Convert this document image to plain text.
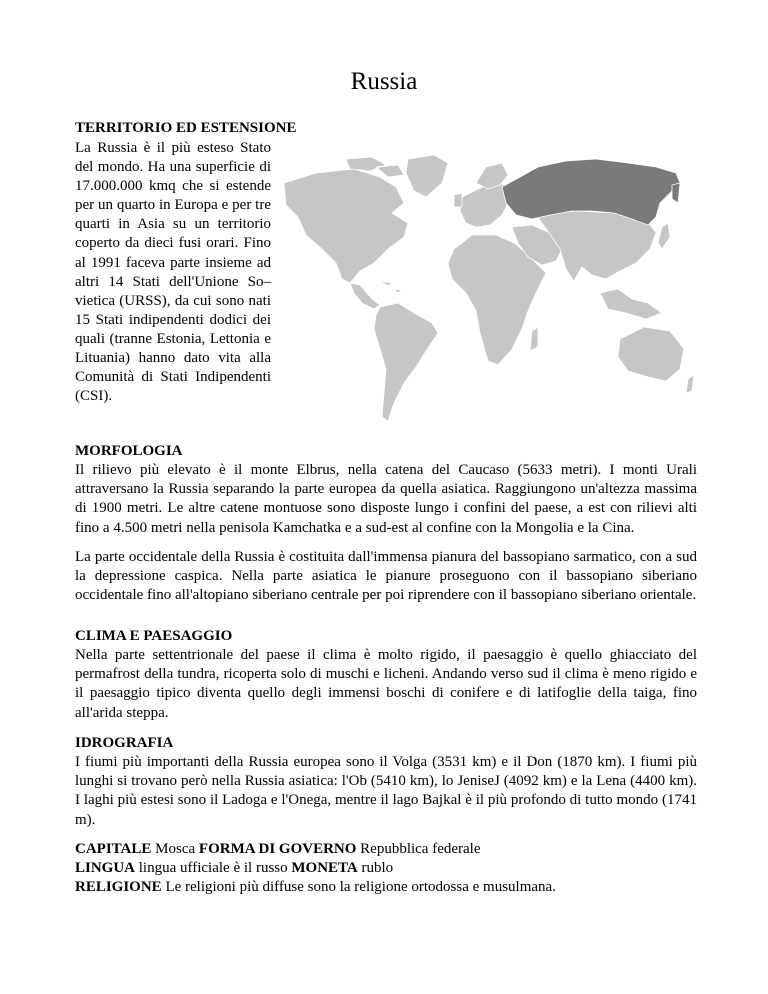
Russia
TERRITORIO ED ESTENSIONE

La Russia è il più esteso Stato del mondo. Ha una superficie di 17.000.000 kmq che si estende per un quarto in Europa e per tre quarti in Asia su un territorio coperto da dieci fusi orari. Fino al 1991 faceva parte insieme ad altri 14 Stati dell'Unione So–vietica (URSS), da cui sono nati 15 Stati indipendenti dodici dei quali (tranne Estonia, Lettonia e Lituania) hanno dato vita alla Comunità di Stati Indipendenti (CSI).

MORFOLOGIA

Il rilievo più elevato è il monte Elbrus, nella catena del Caucaso (5633 metri). I monti Urali attraversano la Russia separando la parte europea da quella asiatica. Raggiungono un'altezza massima di 1900 metri. Le altre catene montuose sono disposte lungo i confini del paese, a est con rilievi alti fino a 4.500 metri nella penisola Kamchatka e a sud-est al confine con la Mongolia e la Cina.

La parte occidentale della Russia è costituita dall'immensa pianura del bassopiano sarmatico, con a sud la depressione caspica. Nella parte asiatica le pianure proseguono con il bassopiano siberiano occidentale fino all'altopiano siberiano centrale per poi riprendere con il bassopiano siberiano orientale.

CLIMA E PAESAGGIO

Nella parte settentrionale del paese il clima è molto rigido, il paesaggio è quello ghiacciato del permafrost della tundra, ricoperta solo di muschi e licheni. Andando verso sud il clima è meno rigido e il paesaggio tipico diventa quello degli immensi boschi di conifere e di latifoglie della taiga, fino all'arida steppa.

IDROGRAFIA

I fiumi più importanti della Russia europea sono il Volga (3531 km) e il Don (1870 km). I fiumi più lunghi si trovano però nella Russia asiatica: l'Ob (5410 km), lo JeniseJ (4092 km) e la Lena (4400 km). I laghi più estesi sono il Ladoga e l'Onega, mentre il lago Bajkal è il più profondo di tutto mondo (1741 m).

CAPITALE Mosca FORMA DI GOVERNO Repubblica federale

LINGUA lingua ufficiale è il russo MONETA rublo

RELIGIONE Le religioni più diffuse sono la religione ortodossa e musulmana.
